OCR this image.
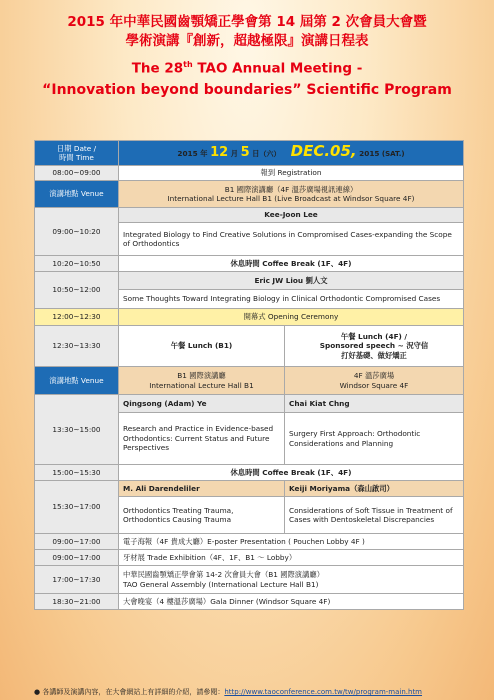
2015 年中華民國齒顎矯正學會第 14 屆第 2 次會員大會暨
學術演講『創新，超越極限』演講日程表
The 28th TAO Annual Meeting -
“Innovation beyond boundaries” Scientific Program
日期 Date /
時間 Time	2015 年 12 月 5 日（六） DEC.05, 2015 (SAT.)	
08:00~09:00	報到 Registration	
演講地點 Venue	B1 國際演講廳（4F 溫莎廣場視訊連線）
International Lecture Hall B1 (Live Broadcast at Windsor Square 4F)	
09:00~10:20	Kee-Joon Lee	
	Integrated Biology to Find Creative Solutions in Compromised Cases-expanding the Scope of Orthodontics	
10:20~10:50	休息時間 Coffee Break (1F、4F)	
10:50~12:00	Eric JW Liou 劉人文	
	Some Thoughts Toward Integrating Biology in Clinical Orthodontic Compromised Cases	
12:00~12:30	開幕式 Opening Ceremony	
12:30~13:30	午餐 Lunch (B1)	午餐 Lunch (4F) /
Sponsored speech ~ 況守信
打好基礎、做好矯正
演講地點 Venue	B1 國際演講廳
International Lecture Hall B1	4F 溫莎廣場
Windsor Square 4F
13:30~15:00	Qingsong (Adam) Ye	Chai Kiat Chng
	Research and Practice in Evidence-based Orthodontics: Current Status and Future Perspectives	Surgery First Approach: Orthodontic Considerations and Planning
15:00~15:30	休息時間 Coffee Break (1F、4F)	
15:30~17:00	M. Ali Darendeliler	Keiji Moriyama（森山啟司）
	Orthodontics Treating Trauma, Orthodontics Causing Trauma	Considerations of Soft Tissue in Treatment of Cases with Dentoskeletal Discrepancies
09:00~17:00	電子海報（4F 貴成大廳）E-poster Presentation ( Pouchen Lobby 4F )	
09:00~17:00	牙材展 Trade Exhibition（4F、1F、B1 ～ Lobby）	
17:00~17:30	中華民國齒顎矯正學會第 14-2 次會員大會（B1 國際演講廳）
TAO General Assembly (International Lecture Hall B1)	
18:30~21:00	大會晚宴（4 樓溫莎廣場）Gala Dinner (Windsor Square 4F)	
● 各講師及演講內容，在大會網站上有詳細的介紹，請參閱：http://www.taoconference.com.tw/tw/program-main.htm
